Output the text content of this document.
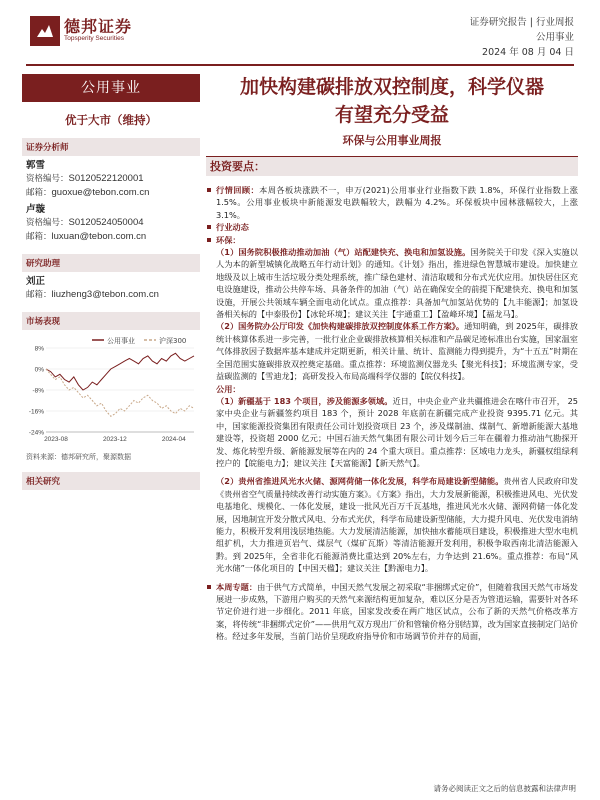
德邦证券
Topsperity Securities
证券研究报告 | 行业周报
公用事业
2024 年 08 月 04 日
公用事业
优于大市（维持）
证券分析师
郭雪
资格编号：S0120522120001
邮箱：guoxue@tebon.com.cn
卢璇
资格编号：S0120524050004
邮箱：luxuan@tebon.com.cn
研究助理
刘正
邮箱：liuzheng3@tebon.com.cn
市场表现
公用事业	沪深300
-24%
-16%
-8%
0%
8%
2023-08	2023-12	2024-04
资料来源：德邦研究所，聚源数据
相关研究
加快构建碳排放双控制度，科学仪器
有望充分受益
环保与公用事业周报
投资要点：
行情回顾：本周各板块涨跌不一，申万(2021)公用事业行业指数下跌 1.8%，环保行业指数上涨 1.5%。公用事业板块中新能源发电跌幅较大，跌幅为 4.2%。环保板块中园林涨幅较大，上涨 3.1%。
行业动态
环保：

（1）国务院积极推动推动加油（气）站配建快充、换电和加氢设施。国务院关于印发《深入实施以人为本的新型城镇化战略五年行动计划》的通知。《计划》指出，推进绿色智慧城市建设。加快建立地级及以上城市生活垃圾分类处理系统，推广绿色建材、清洁取暖和分布式光伏应用。加快居住区充电设施建设，推动公共停车场、具备条件的加油（气）站在确保安全的前提下配建快充、换电和加氢设施，开展公共领域车辆全面电动化试点。重点推荐：具备加气加氢站优势的【九丰能源】；加氢设备相关标的【中泰股份】【冰轮环境】；建议关注【宇通重工】【盈峰环境】【福龙马】。

（2）国务院办公厅印发《加快构建碳排放双控制度体系工作方案》。通知明确，到 2025年，碳排放统计核算体系进一步完善，一批行业企业碳排放核算相关标准和产品碳足迹标准出台实施，国家温室气体排放因子数据库基本建成并定期更新，相关计量、统计、监测能力得到提升，为“十五五”时期在全国范围实施碳排放双控奠定基础。重点推荐：环境监测仪器龙头【聚光科技】；环境监测专家，受益碳监测的【雪迪龙】；高研发投入布局高端科学仪器的【皖仪科技】。

公用：

（1）新疆基于 183 个项目，涉及能源多领域。近日，中央企业产业共疆推进会在喀什市召开， 25 家中央企业与新疆签约项目 183 个，预计 2028 年底前在新疆完成产业投资 9395.71 亿元。其中，国家能源投资集团有限责任公司计划投资项目 23 个，涉及煤制油、煤制气、新增新能源大基地建设等，投资超 2000 亿元；中国石油天然气集团有限公司计划今后三年在疆着力推动油气勘探开发、炼化转型升级、新能源发展等在内的 24 个重大项目。重点推荐：区域电力龙头，新疆权组绿利控户的【皖能电力】；建议关注【天富能源】【新天然气】。

（2）贵州省推进风光水火储、源网荷储一体化发展，科学布局建设新型储能。贵州省人民政府印发《贵州省空气质量持续改善行动实施方案》。《方案》指出，大力发展新能源，积极推进风电、光伏发电基地化、规模化、一体化发展，建设一批风光百万千瓦基地，推进风光水火储、源网荷储一体化发展，因地制宜开发分散式风电、分布式光伏，科学布局建设新型储能，大力提升风电、光伏发电消纳能力，积极开发利用浅层地热能。大力发展清洁能源，加快抽水蓄能项目建设，积极推进大型水电机组扩机，大力推进页岩气、煤层气（煤矿瓦斯）等清洁能源开发利用，积极争取西南北清洁能源入黔。到 2025年，全省非化石能源消费比重达到 20%左右，力争达到 21.6%。重点推荐：布局“风光水储”一体化项目的【中国天楹】；建议关注【黔源电力】。

本周专题：由于供气方式简单，中国天然气发展之初采取“非捆绑式定价”，但随着我国天然气市场发展进一步成熟，下游用户购买的天然气来源结构更加复杂，难以区分是否为管道运输，需要针对各环节定价进行进一步细化。2011 年底，国家发改委在两广地区试点，公布了新的天然气价格改革方案，将传统“非捆绑式定价”——供用气双方现出厂价和管输价格分别结算，改为国家直接制定门站价格。经过多年发展，当前门站价呈现政府指导价和市场调节价并存的局面，
请务必阅读正文之后的信息披露和法律声明
